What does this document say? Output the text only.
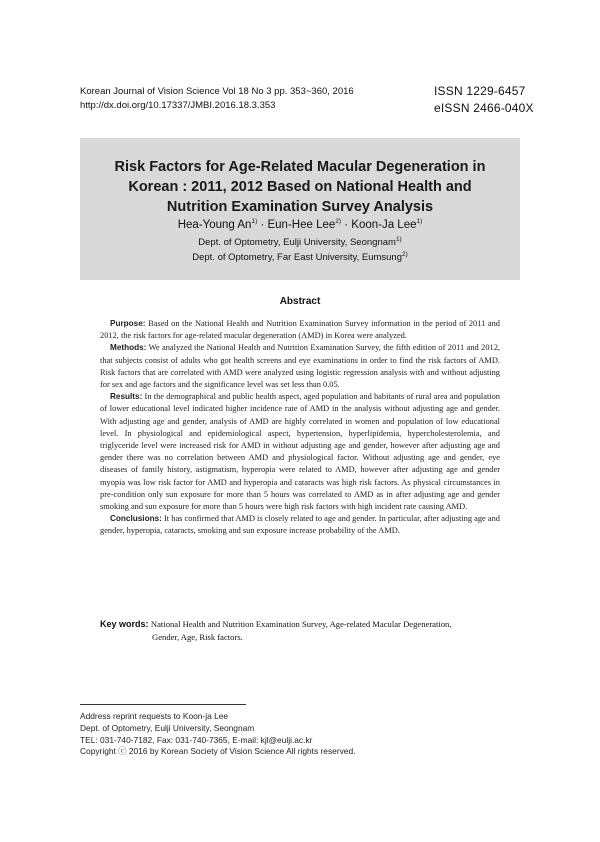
Korean Journal of Vision Science Vol 18 No 3 pp. 353~360, 2016
http://dx.doi.org/10.17337/JMBI.2016.18.3.353
ISSN 1229-6457
eISSN 2466-040X
Risk Factors for Age-Related Macular Degeneration in
Korean : 2011, 2012 Based on National Health and
Nutrition Examination Survey Analysis
Hea-Young $An^{1)} \cdot Eun-Hee$ Lee$^{2)}$ · Koon-Ja Lee$^{1)}$
Dept. of Optometry, Eulji University, Seongnam$^{1)}$
Dept. of Optometry, Far East University, Eumsung$^{2)}$
Abstract

Purpose: Based on the National Health and Nutrition Examination Survey information in the period of 2011 and 2012, the risk factors for age-related macular degeneration (AMD) in Korea were analyzed.

Methods: We analyzed the National Health and Nutrition Examination Survey, the fifth edition of 2011 and 2012, that subjects consist of adults who got health screens and eye examinations in order to find the risk factors of AMD. Risk factors that are correlated with AMD were analyzed using logistic regression analysis with and without adjusting for sex and age factors and the significance level was set less than 0.05.

Results: In the demographical and public health aspect, aged population and habitants of rural area and population of lower educational level indicated higher incidence rate of AMD in the analysis without adjusting age and gender. With adjusting age and gender, analysis of AMD are highly correlated in women and population of low educational level. In physiological and epidemiological aspect, hypertension, hyperlipidemia, hypercholesterolemia, and triglyceride level were increased risk for AMD in without adjusting age and gender, however after adjusting age and gender there was no correlation between AMD and physiological factor. Without adjusting age and gender, eye diseases of family history, astigmatism, hyperopia were related to AMD, however after adjusting age and gender myopia was low risk factor for AMD and hyperopia and cataracts was high risk factors. As physical circumstances in pre-condition only sun exposure for more than 5 hours was correlated to AMD as in after adjusting age and gender smoking and sun exposure for more than 5 hours were high risk factors with high incident rate causing AMD.

Conclusions: It has confirmed that AMD is closely related to age and gender. In particular, after adjusting age and gender, hyperopia, cataracts, smoking and sun exposure increase probability of the AMD.

Key words: National Health and Nutrition Examination Survey, Age-related Macular Degeneration,
Gender, Age, Risk factors.
Address reprint requests to Koon-ja Lee
Dept. of Optometry, Eulji University, Seongnam
TEL: 031-740-7182, Fax: 031-740-7365, E-mail: kjl@eulji.ac.kr
Copyright ⓒ 2016 by Korean Society of Vision Science All rights reserved.
